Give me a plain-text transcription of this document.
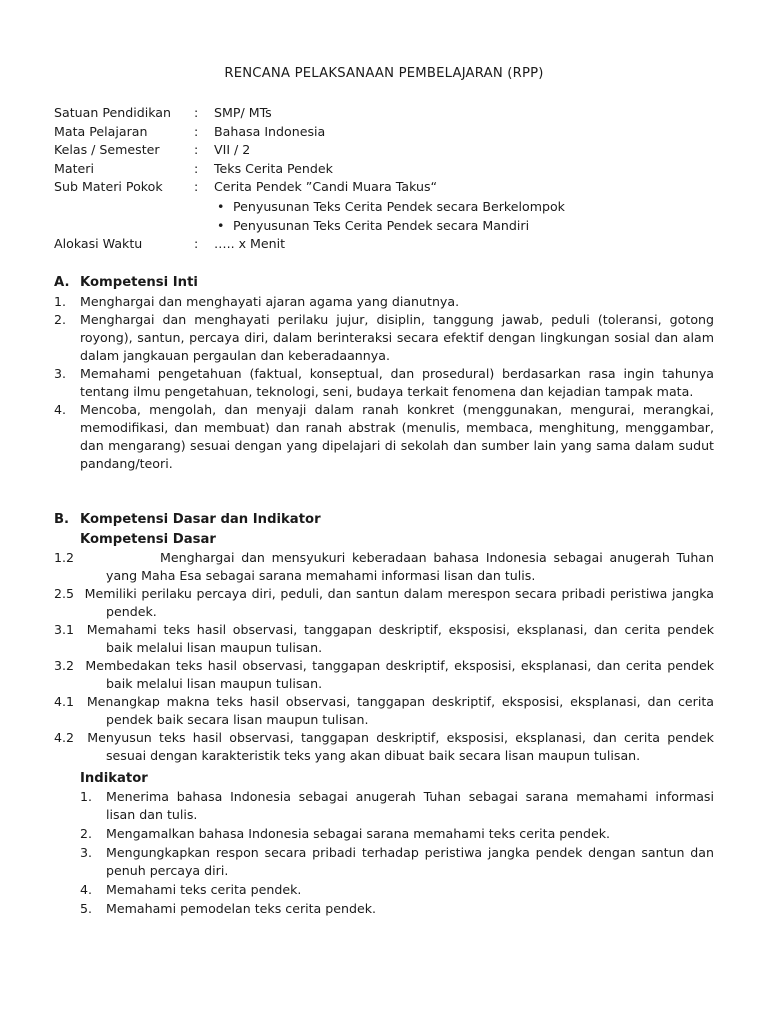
RENCANA PELAKSANAAN PEMBELAJARAN (RPP)
Satuan Pendidikan : SMP/ MTs
Mata Pelajaran	: Bahasa Indonesia
Kelas / Semester	: VII / 2
Materi	: Teks Cerita Pendek
Sub Materi Pokok : Cerita Pendek ”Candi Muara Takus“
• Penyusunan Teks Cerita Pendek secara Berkelompok
• Penyusunan Teks Cerita Pendek secara Mandiri
Alokasi Waktu	: ….. x Menit
A. Kompetensi Inti

1. Menghargai dan menghayati ajaran agama yang dianutnya.

2. Menghargai dan menghayati perilaku jujur, disiplin, tanggung jawab, peduli (toleransi, gotong royong), santun, percaya diri, dalam berinteraksi secara efektif dengan lingkungan sosial dan alam dalam jangkauan pergaulan dan keberadaannya.

3. Memahami pengetahuan (faktual, konseptual, dan prosedural) berdasarkan rasa ingin tahunya tentang ilmu pengetahuan, teknologi, seni, budaya terkait fenomena dan kejadian tampak mata.

4. Mencoba, mengolah, dan menyaji dalam ranah konkret (menggunakan, mengurai, merangkai, memodifikasi, dan membuat) dan ranah abstrak (menulis, membaca, menghitung, menggambar, dan mengarang) sesuai dengan yang dipelajari di sekolah dan sumber lain yang sama dalam sudut pandang/teori.

B. Kompetensi Dasar dan Indikator
Kompetensi Dasar

1.2	Menghargai dan mensyukuri keberadaan bahasa Indonesia sebagai anugerah Tuhan yang Maha Esa sebagai sarana memahami informasi lisan dan tulis.

2.5 Memiliki perilaku percaya diri, peduli, dan santun dalam merespon secara pribadi peristiwa jangka pendek.

3.1 Memahami teks hasil observasi, tanggapan deskriptif, eksposisi, eksplanasi, dan cerita pendek baik melalui lisan maupun tulisan.

3.2 Membedakan teks hasil observasi, tanggapan deskriptif, eksposisi, eksplanasi, dan cerita pendek baik melalui lisan maupun tulisan.

4.1 Menangkap makna teks hasil observasi, tanggapan deskriptif, eksposisi, eksplanasi, dan cerita pendek baik secara lisan maupun tulisan.

4.2 Menyusun teks hasil observasi, tanggapan deskriptif, eksposisi, eksplanasi, dan cerita pendek sesuai dengan karakteristik teks yang akan dibuat baik secara lisan maupun tulisan.

Indikator

1. Menerima bahasa Indonesia sebagai anugerah Tuhan sebagai sarana memahami informasi lisan dan tulis.

2. Mengamalkan bahasa Indonesia sebagai sarana memahami teks cerita pendek.

3. Mengungkapkan respon secara pribadi terhadap peristiwa jangka pendek dengan santun dan penuh percaya diri.

4. Memahami teks cerita pendek.

5. Memahami pemodelan teks cerita pendek.
